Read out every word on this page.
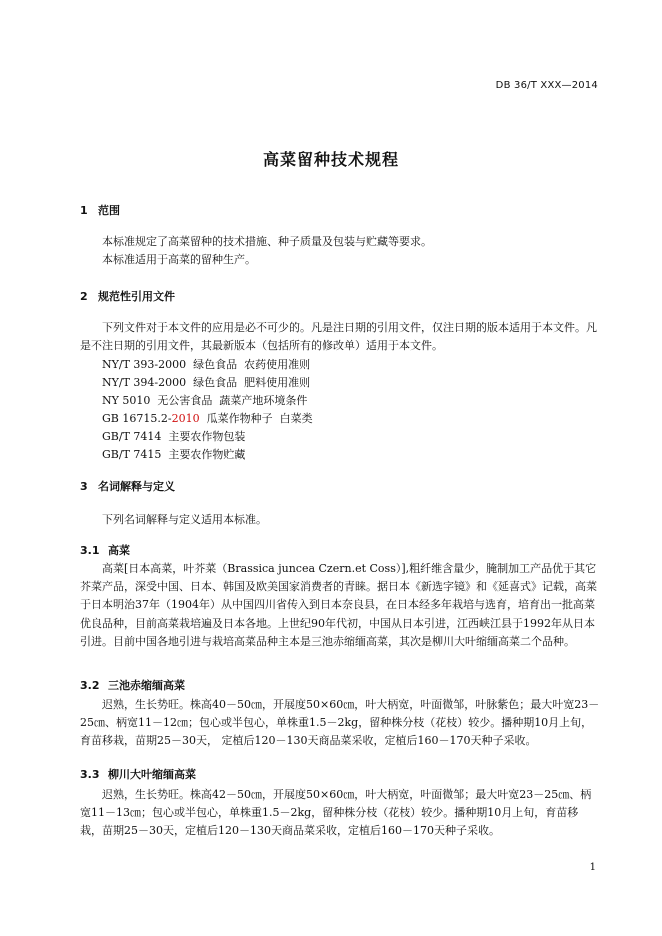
DB 36/T XXX—2014
高菜留种技术规程
1 范围
本标准规定了高菜留种的技术措施、种子质量及包装与贮藏等要求。
本标准适用于高菜的留种生产。
2 规范性引用文件
下列文件对于本文件的应用是必不可少的。凡是注日期的引用文件，仅注日期的版本适用于本文件。凡是不注日期的引用文件，其最新版本（包括所有的修改单）适用于本文件。
NY/T 393-2000  绿色食品  农药使用准则
NY/T 394-2000  绿色食品  肥料使用准则
NY 5010  无公害食品  蔬菜产地环境条件
GB 16715.2-2010  瓜菜作物种子  白菜类
GB/T 7414  主要农作物包装
GB/T 7415  主要农作物贮藏
3 名词解释与定义
下列名词解释与定义适用本标准。
3.1 高菜
高菜[日本高菜，叶芥菜（Brassica juncea Czern.et Coss）],粗纤维含量少，腌制加工产品优于其它芥菜产品，深受中国、日本、韩国及欧美国家消费者的青睐。据日本《新选字镜》和《延喜式》记载，高菜于日本明治37年（1904年）从中国四川省传入到日本奈良县，在日本经多年栽培与选育，培育出一批高菜优良品种，目前高菜栽培遍及日本各地。上世纪90年代初，中国从日本引进，江西峡江县于1992年从日本引进。目前中国各地引进与栽培高菜品种主本是三池赤缩缅高菜，其次是柳川大叶缩缅高菜二个品种。
3.2 三池赤缩缅高菜
迟熟，生长势旺。株高40－50㎝，开展度50×60㎝，叶大柄宽，叶面微邹，叶脉紫色；最大叶宽23－25㎝、柄宽11－12㎝；包心或半包心，单株重1.5－2kg，留种株分枝（花枝）较少。播种期10月上旬，育苗移栽，苗期25－30天， 定植后120－130天商品菜采收，定植后160－170天种子采收。
3.3 柳川大叶缩缅高菜
迟熟，生长势旺。株高42－50㎝，开展度50×60㎝，叶大柄宽，叶面微邹；最大叶宽23－25㎝、柄宽11－13㎝；包心或半包心，单株重1.5－2kg，留种株分枝（花枝）较少。播种期10月上旬，育苗移栽，苗期25－30天，定植后120－130天商品菜采收，定植后160－170天种子采收。
1
